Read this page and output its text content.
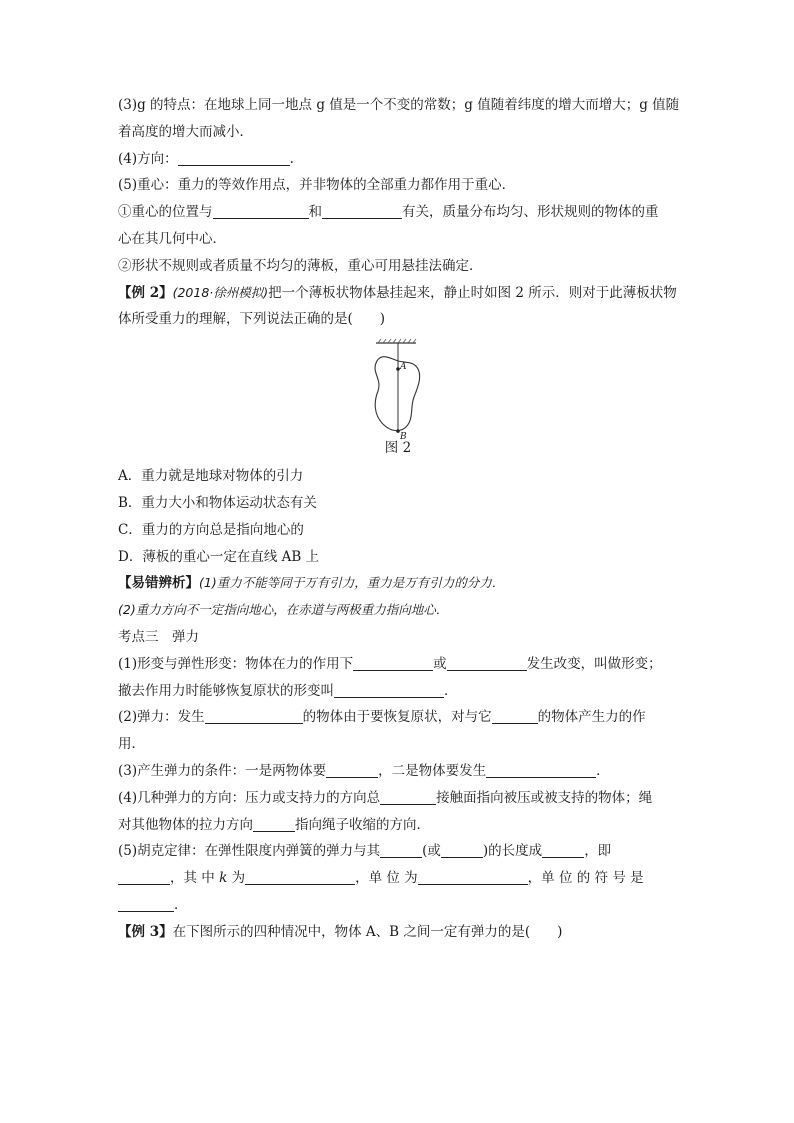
(3)g 的特点：在地球上同一地点 g 值是一个不变的常数；g 值随着纬度的增大而增大；g 值随

着高度的增大而减小．

(4)方向：	.

(5)重心：重力的等效作用点，并非物体的全部重力都作用于重心．

①重心的位置与	和	有关，质量分布均匀、形状规则的物体的重

心在其几何中心．

②形状不规则或者质量不均匀的薄板，重心可用悬挂法确定．

【例 2】(2018·徐州模拟)把一个薄板状物体悬挂起来，静止时如图 2 所示．则对于此薄板状物

体所受重力的理解，下列说法正确的是(　　)

A
B
图 2

A．重力就是地球对物体的引力

B．重力大小和物体运动状态有关

C．重力的方向总是指向地心的

D．薄板的重心一定在直线 AB 上

【易错辨析】(1)重力不能等同于万有引力，重力是万有引力的分力．

(2)重力方向不一定指向地心，在赤道与两极重力指向地心．

考点三　弹力

(1)形变与弹性形变：物体在力的作用下	或	发生改变，叫做形变；

撤去作用力时能够恢复原状的形变叫	．

(2)弹力：发生	的物体由于要恢复原状，对与它	的物体产生力的作

用．

(3)产生弹力的条件：一是两物体要	，二是物体要发生	．

(4)几种弹力的方向：压力或支持力的方向总	接触面指向被压或被支持的物体；绳

对其他物体的拉力方向	指向绳子收缩的方向．

(5)胡克定律：在弹性限度内弹簧的弹力与其	(或	)的长度成	，即

，其 中 k 为	，单 位 为	，单 位 的 符 号 是

．

【例 3】在下图所示的四种情况中，物体 A、B 之间一定有弹力的是(　　)
